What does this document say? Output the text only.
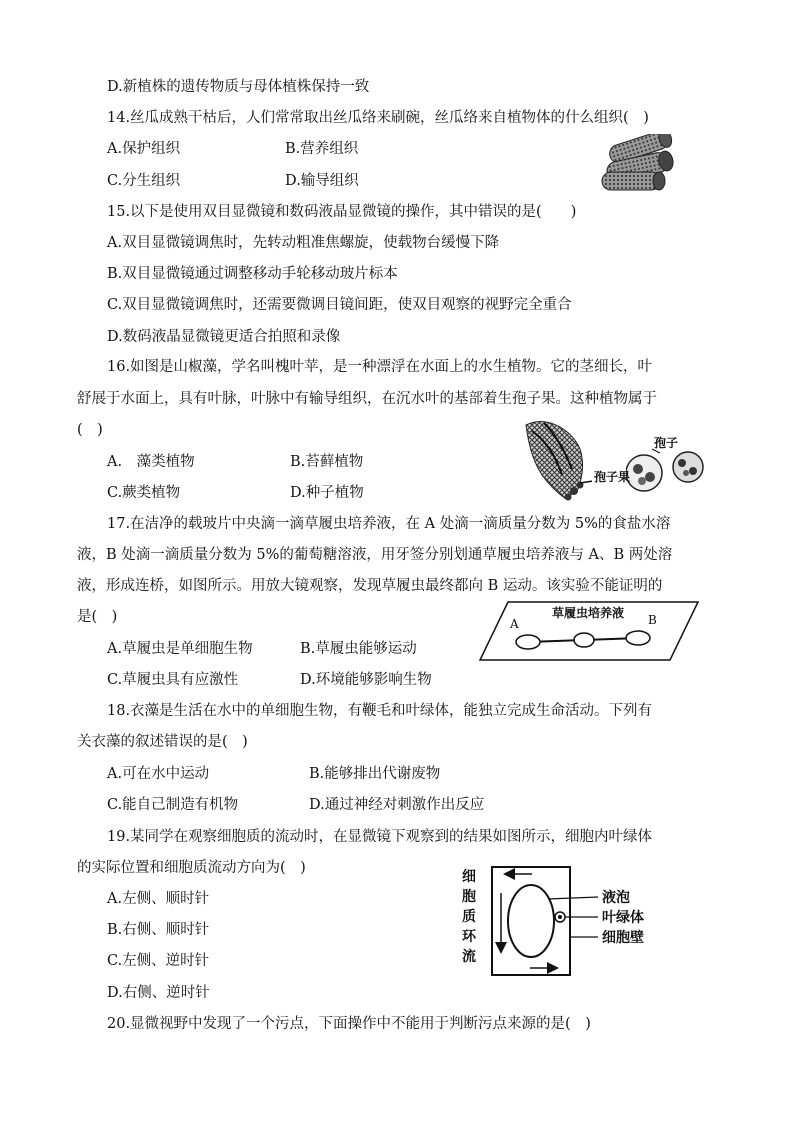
D.新植株的遗传物质与母体植株保持一致
14.丝瓜成熟干枯后，人们常常取出丝瓜络来刷碗，丝瓜络来自植物体的什么组织(　)
A.保护组织	B.营养组织
C.分生组织	D.输导组织
15.以下是使用双目显微镜和数码液晶显微镜的操作，其中错误的是(　　)
A.双目显微镜调焦时，先转动粗准焦螺旋，使载物台缓慢下降
B.双目显微镜通过调整移动手轮移动玻片标本
C.双目显微镜调焦时，还需要微调目镜间距，使双目观察的视野完全重合
D.数码液晶显微镜更适合拍照和录像
16.如图是山椒藻，学名叫槐叶苹，是一种漂浮在水面上的水生植物。它的茎细长，叶
舒展于水面上，具有叶脉，叶脉中有输导组织，在沉水叶的基部着生孢子果。这种植物属于
(　)
A.　藻类植物	B.苔藓植物
C.蕨类植物	D.种子植物
孢子
孢子果
17.在洁净的载玻片中央滴一滴草履虫培养液，在 A 处滴一滴质量分数为 5%的食盐水溶
液，B 处滴一滴质量分数为 5%的葡萄糖溶液，用牙签分别划通草履虫培养液与 A、B 两处溶
液，形成连桥，如图所示。用放大镜观察，发现草履虫最终都向 B 运动。该实验不能证明的
是(　)
A.草履虫是单细胞生物	B.草履虫能够运动
C.草履虫具有应激性	D.环境能够影响生物
草履虫培养液
A	B
18.衣藻是生活在水中的单细胞生物，有鞭毛和叶绿体，能独立完成生命活动。下列有
关衣藻的叙述错误的是(　)
A.可在水中运动	B.能够排出代谢废物
C.能自己制造有机物	D.通过神经对刺激作出反应
19.某同学在观察细胞质的流动时，在显微镜下观察到的结果如图所示，细胞内叶绿体
的实际位置和细胞质流动方向为(　)
A.左侧、顺时针
B.右侧、顺时针
C.左侧、逆时针
D.右侧、逆时针
细
胞
质
环
流
液泡
叶绿体
细胞壁
20.显微视野中发现了一个污点，下面操作中不能用于判断污点来源的是(　)
